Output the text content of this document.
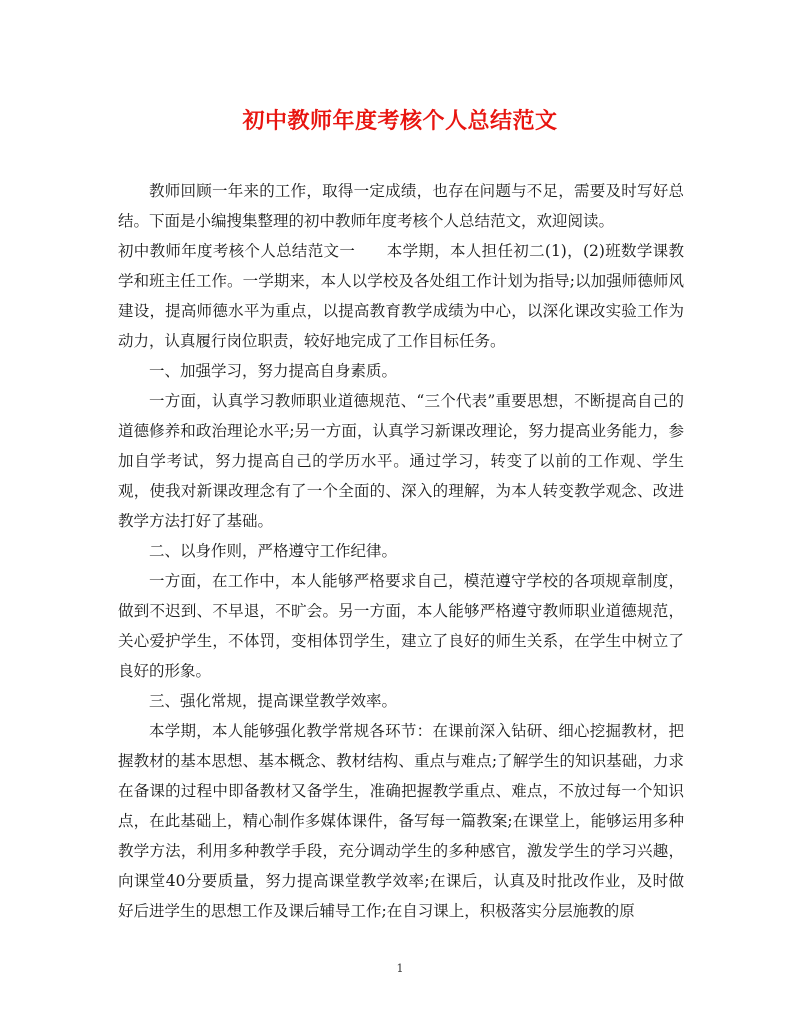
初中教师年度考核个人总结范文

教师回顾一年来的工作，取得一定成绩，也存在问题与不足，需要及时写好总结。下面是小编搜集整理的初中教师年度考核个人总结范文，欢迎阅读。

初中教师年度考核个人总结范文一　　本学期，本人担任初二(1)，(2)班数学课教学和班主任工作。一学期来，本人以学校及各处组工作计划为指导;以加强师德师风建设，提高师德水平为重点，以提高教育教学成绩为中心，以深化课改实验工作为动力，认真履行岗位职责，较好地完成了工作目标任务。

一、加强学习，努力提高自身素质。

一方面，认真学习教师职业道德规范、“三个代表”重要思想，不断提高自己的道德修养和政治理论水平;另一方面，认真学习新课改理论，努力提高业务能力，参加自学考试，努力提高自己的学历水平。通过学习，转变了以前的工作观、学生观，使我对新课改理念有了一个全面的、深入的理解，为本人转变教学观念、改进教学方法打好了基础。

二、以身作则，严格遵守工作纪律。

一方面，在工作中，本人能够严格要求自己，模范遵守学校的各项规章制度，做到不迟到、不早退，不旷会。另一方面，本人能够严格遵守教师职业道德规范，关心爱护学生，不体罚，变相体罚学生，建立了良好的师生关系，在学生中树立了良好的形象。

三、强化常规，提高课堂教学效率。

本学期，本人能够强化教学常规各环节：在课前深入钻研、细心挖掘教材，把握教材的基本思想、基本概念、教材结构、重点与难点;了解学生的知识基础，力求在备课的过程中即备教材又备学生，准确把握教学重点、难点，不放过每一个知识点，在此基础上，精心制作多媒体课件，备写每一篇教案;在课堂上，能够运用多种教学方法，利用多种教学手段，充分调动学生的多种感官，激发学生的学习兴趣，向课堂40分要质量，努力提高课堂教学效率;在课后，认真及时批改作业，及时做好后进学生的思想工作及课后辅导工作;在自习课上，积极落实分层施教的原

1
